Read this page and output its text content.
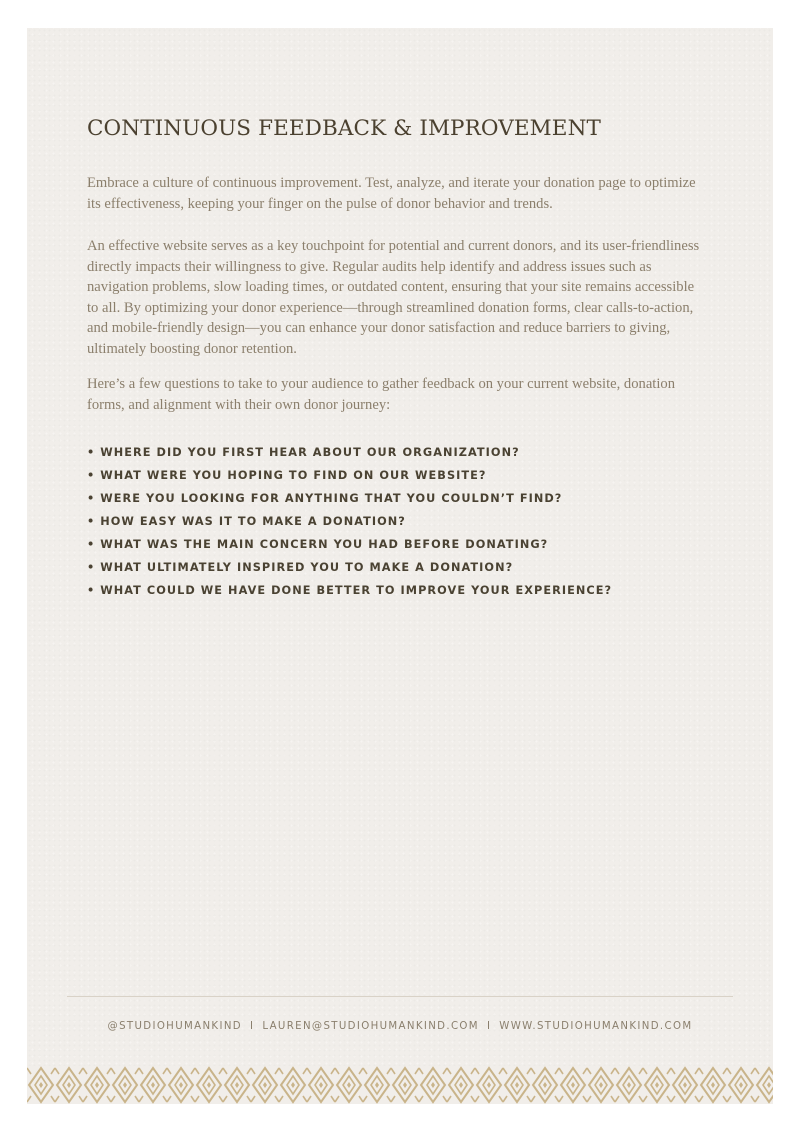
CONTINUOUS FEEDBACK & IMPROVEMENT

Embrace a culture of continuous improvement. Test, analyze, and iterate your donation page to optimize its effectiveness, keeping your finger on the pulse of donor behavior and trends.

An effective website serves as a key touchpoint for potential and current donors, and its user-friendliness directly impacts their willingness to give. Regular audits help identify and address issues such as navigation problems, slow loading times, or outdated content, ensuring that your site remains accessible to all. By optimizing your donor experience—through streamlined donation forms, clear calls-to-action, and mobile-friendly design—you can enhance your donor satisfaction and reduce barriers to giving, ultimately boosting donor retention.

Here’s a few questions to take to your audience to gather feedback on your current website, donation forms, and alignment with their own donor journey:

• WHERE DID YOU FIRST HEAR ABOUT OUR ORGANIZATION?
• WHAT WERE YOU HOPING TO FIND ON OUR WEBSITE?
• WERE YOU LOOKING FOR ANYTHING THAT YOU COULDN’T FIND?
• HOW EASY WAS IT TO MAKE A DONATION?
• WHAT WAS THE MAIN CONCERN YOU HAD BEFORE DONATING?
• WHAT ULTIMATELY INSPIRED YOU TO MAKE A DONATION?
• WHAT COULD WE HAVE DONE BETTER TO IMPROVE YOUR EXPERIENCE?
@STUDIOHUMANKIND I LAUREN@STUDIOHUMANKIND.COM I WWW.STUDIOHUMANKIND.COM
